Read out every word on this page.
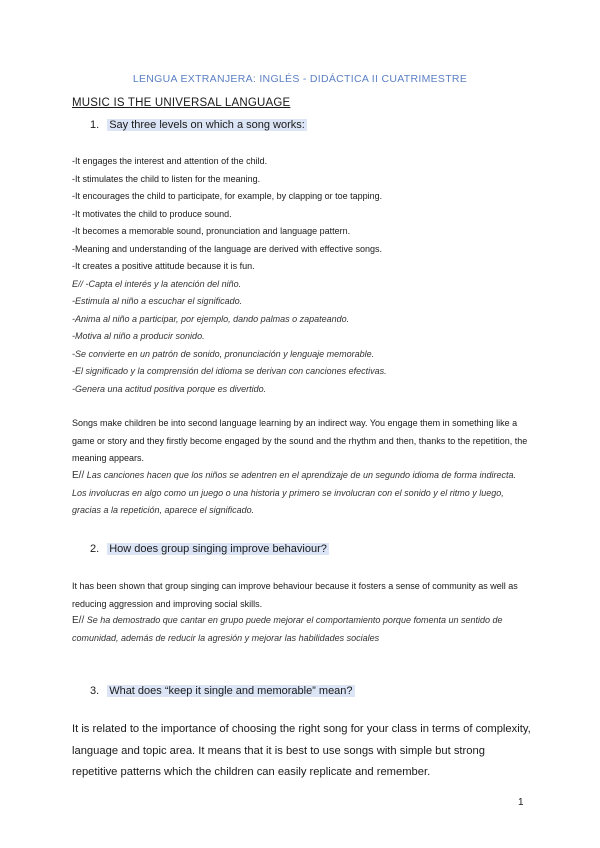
LENGUA EXTRANJERA: INGLÉS - DIDÁCTICA II CUATRIMESTRE
MUSIC IS THE UNIVERSAL LANGUAGE
1. Say three levels on which a song works:
-It engages the interest and attention of the child.
-It stimulates the child to listen for the meaning.
-It encourages the child to participate, for example, by clapping or toe tapping.
-It motivates the child to produce sound.
-It becomes a memorable sound, pronunciation and language pattern.
-Meaning and understanding of the language are derived with effective songs.
-It creates a positive attitude because it is fun.
E// -Capta el interés y la atención del niño.
-Estimula al niño a escuchar el significado.
-Anima al niño a participar, por ejemplo, dando palmas o zapateando.
-Motiva al niño a producir sonido.
-Se convierte en un patrón de sonido, pronunciación y lenguaje memorable.
-El significado y la comprensión del idioma se derivan con canciones efectivas.
-Genera una actitud positiva porque es divertido.
Songs make children be into second language learning by an indirect way. You engage them in something like a game or story and they firstly become engaged by the sound and the rhythm and then, thanks to the repetition, the meaning appears.
E// Las canciones hacen que los niños se adentren en el aprendizaje de un segundo idioma de forma indirecta. Los involucras en algo como un juego o una historia y primero se involucran con el sonido y el ritmo y luego, gracias a la repetición, aparece el significado.
2. How does group singing improve behaviour?
It has been shown that group singing can improve behaviour because it fosters a sense of community as well as reducing aggression and improving social skills.
E// Se ha demostrado que cantar en grupo puede mejorar el comportamiento porque fomenta un sentido de comunidad, además de reducir la agresión y mejorar las habilidades sociales
3. What does “keep it single and memorable” mean?
It is related to the importance of choosing the right song for your class in terms of complexity, language and topic area. It means that it is best to use songs with simple but strong repetitive patterns which the children can easily replicate and remember.
1
